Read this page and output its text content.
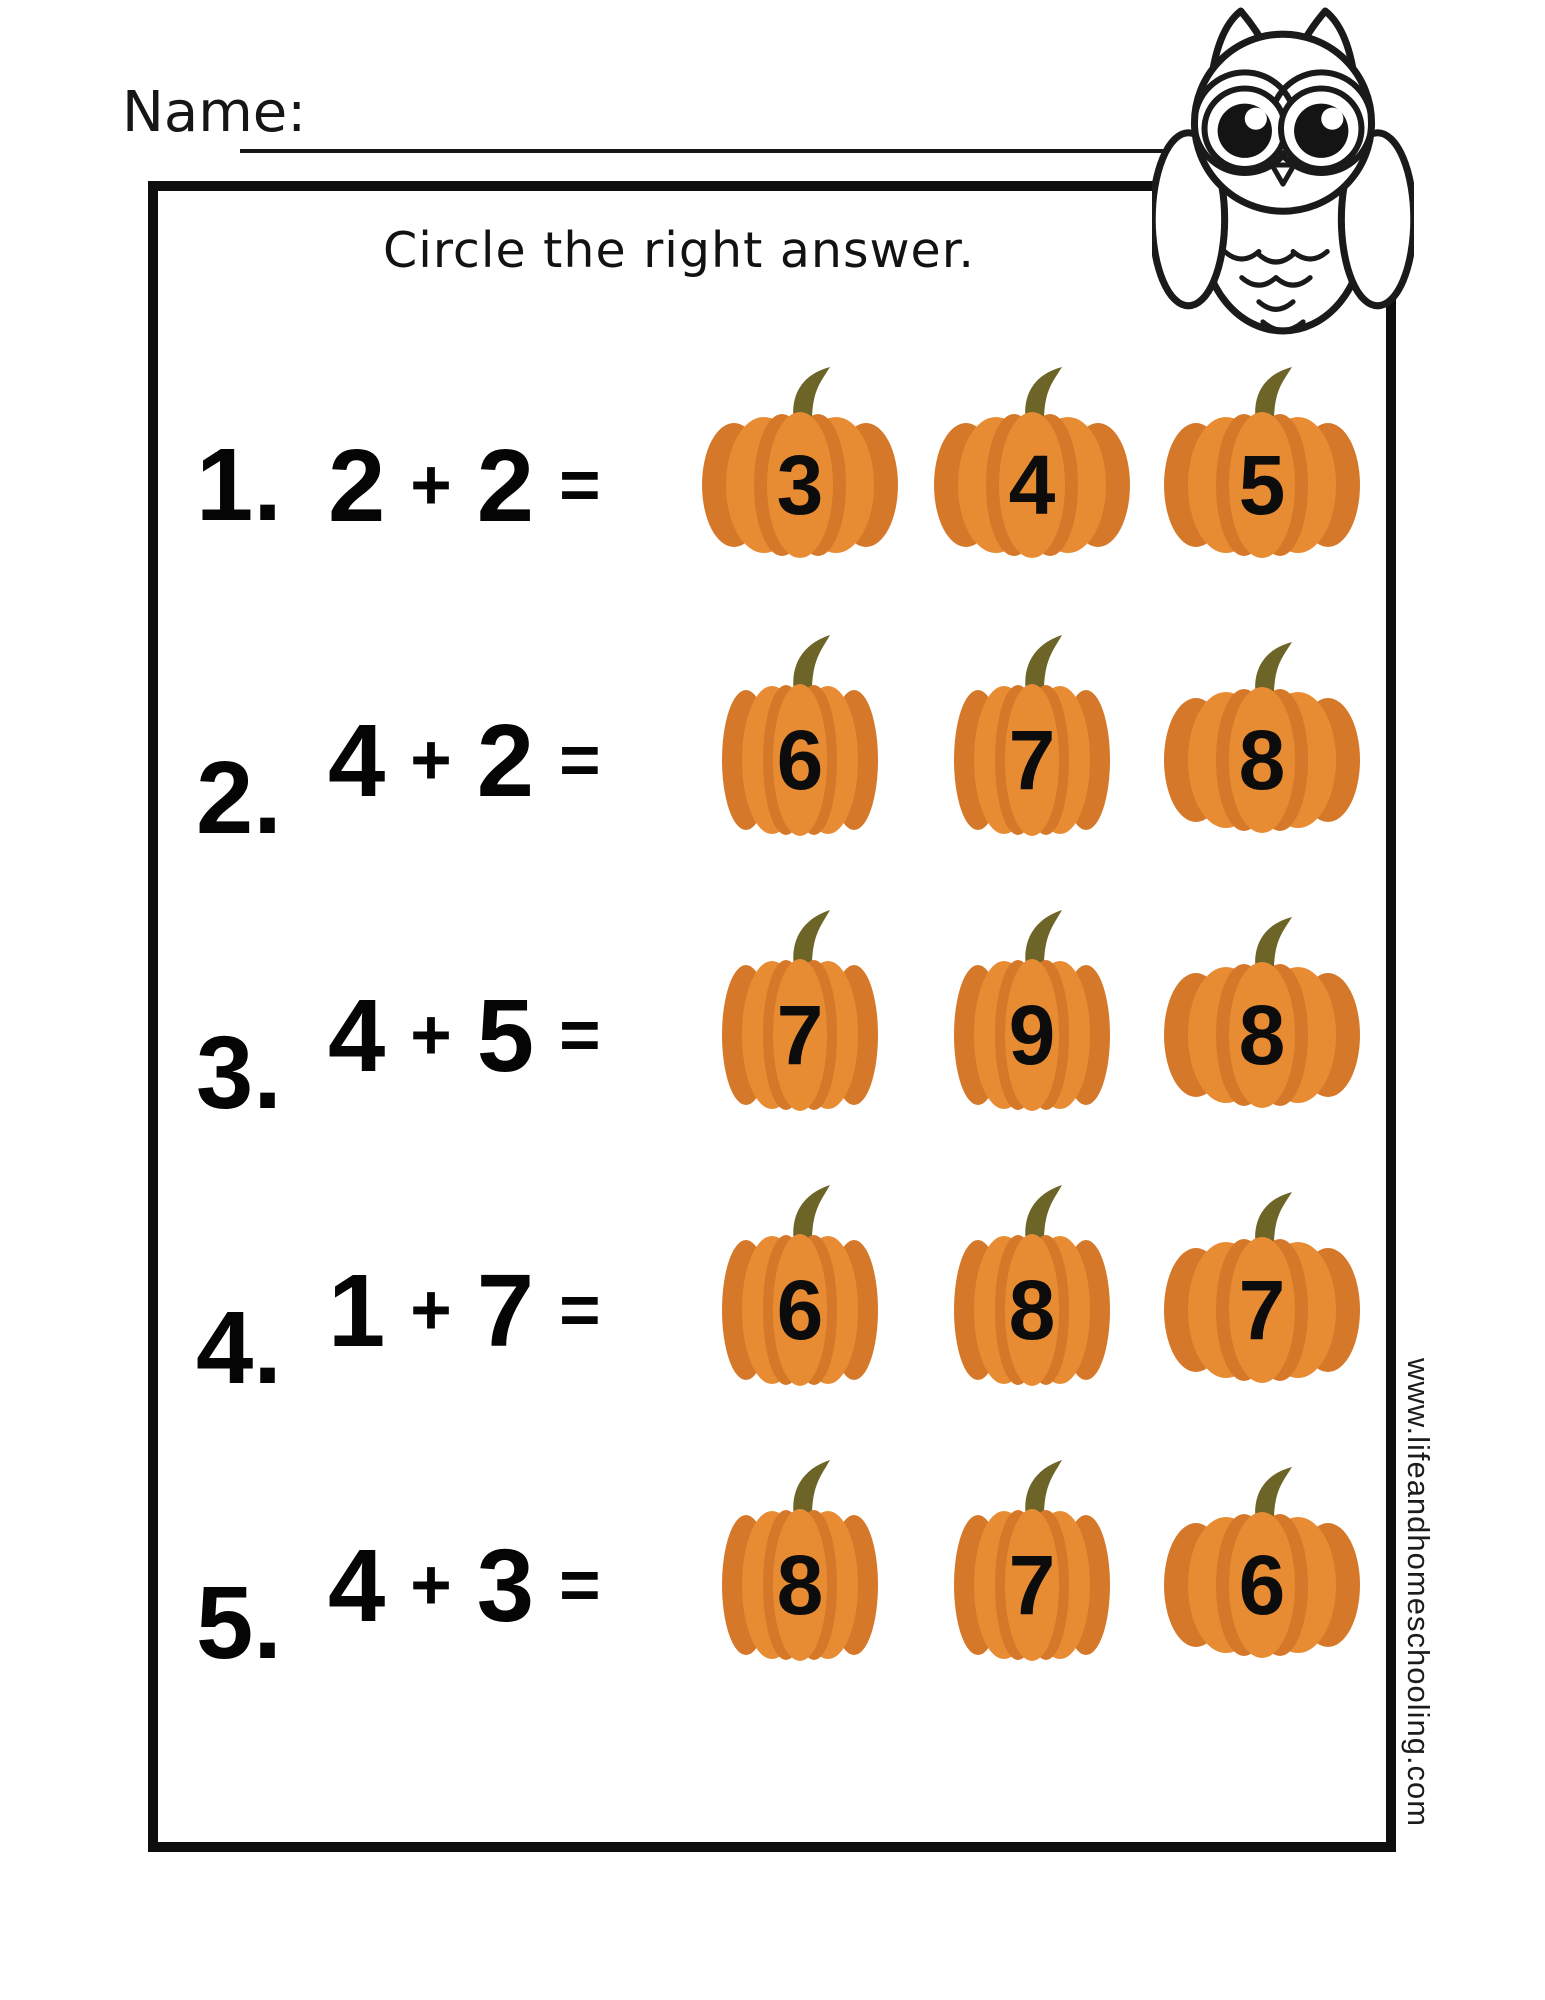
Name:
Circle the right answer.
www.lifeandhomeschooling.com
1. 2 + 2 =	3	4	5
2. 4 + 2 =	6	7	8
3. 4 + 5 =	7	9	8
4. 1 + 7 =	6	8	7
5. 4 + 3 =	8	7	6
